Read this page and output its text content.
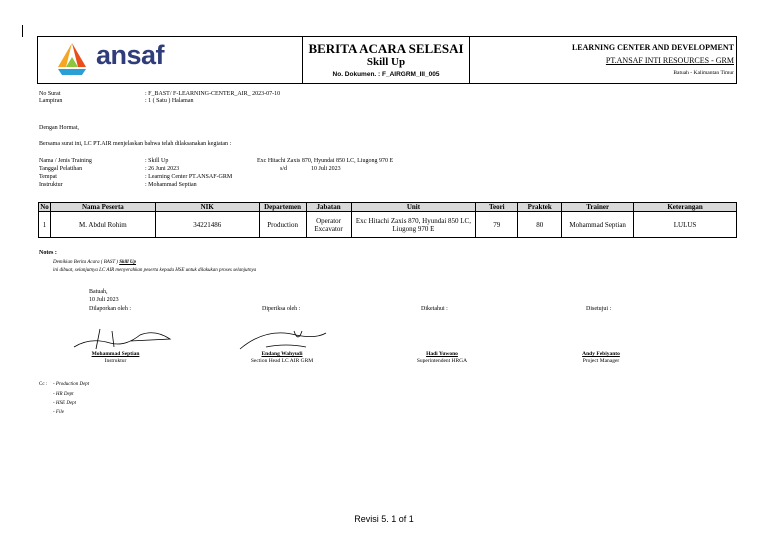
ansaf	BERITA ACARA SELESAI
Skill Up
No. Dokumen. : F_AIRGRM_III_005
LEARNING CENTER AND DEVELOPMENT
PT.ANSAF INTI RESOURCES - GRM
Batuah - Kalimantan Timur
No Surat	: F_BAST/ F-LEARNING-CENTER_AIR_ 2023-07-10
Lampiran	: 1 ( Satu ) Halaman
Dengan Hormat,
Bersama surat ini, LC PT.AIR menjelaskan bahwa telah dilaksanakan kegiatan :
Nama / Jenis Training	: Skill Up	Exc Hitachi Zaxis 870, Hyundai 850 LC, Liugong 970 E
Tanggal Pelatihan	: 26 Juni 2023	s/d	10 Juli 2023
Tempat	: Learning Center PT.ANSAF-GRM
Instruktur	: Mohammad Septian
No	Nama Peserta	NIK	Departemen	Jabatan	Unit	Teori	Praktek	Trainer	Keterangan
1	M. Abdul Rohim	34221486	Production	Operator Excavator	Exc Hitachi Zaxis 870, Hyundai 850 LC, Liugong 970 E	79	80	Mohammad Septian	LULUS
Notes :
Demikian Berita Acara ( BAST ) Skill Up
ini dibuat, selanjutnya LC AIR menyerahkan peserta kepada HSE untuk dilakukan proses selanjutnya
Batuah,
10 Juli 2023
Dilaporkan oleh :	Diperiksa oleh :	Diketahui :	Disetujui :
Mohammad Septian
Instruktur
Endang Wahyudi
Section Head LC AIR GRM
Hadi Yuwono
Superintendent HRGA
Andy Febiyanto
Project Manager
Cc : - Production Dept
- HR Dept
- HSE Dept
- File
Revisi 5. 1 of 1
